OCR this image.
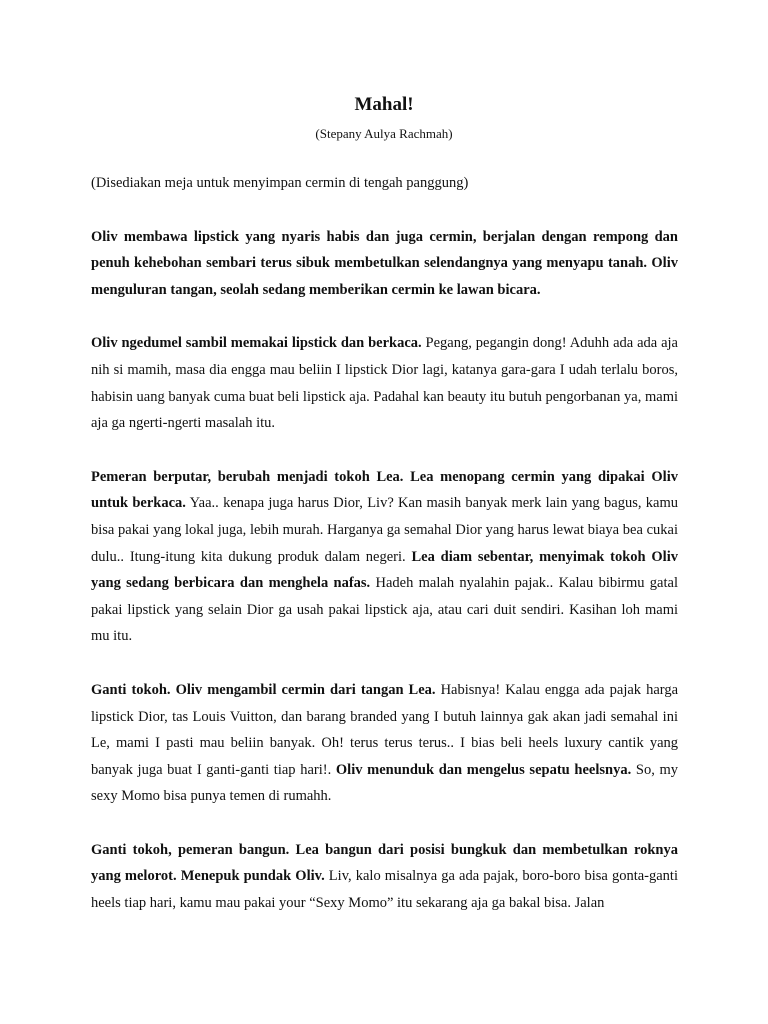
Mahal!
(Stepany Aulya Rachmah)

(Disediakan meja untuk menyimpan cermin di tengah panggung)

Oliv membawa lipstick yang nyaris habis dan juga cermin, berjalan dengan rempong dan penuh kehebohan sembari terus sibuk membetulkan selendangnya yang menyapu tanah. Oliv menguluran tangan, seolah sedang memberikan cermin ke lawan bicara.

Oliv ngedumel sambil memakai lipstick dan berkaca. Pegang, pegangin dong! Aduhh ada ada aja nih si mamih, masa dia engga mau beliin I lipstick Dior lagi, katanya gara-gara I udah terlalu boros, habisin uang banyak cuma buat beli lipstick aja. Padahal kan beauty itu butuh pengorbanan ya, mami aja ga ngerti-ngerti masalah itu.

Pemeran berputar, berubah menjadi tokoh Lea. Lea menopang cermin yang dipakai Oliv untuk berkaca. Yaa.. kenapa juga harus Dior, Liv? Kan masih banyak merk lain yang bagus, kamu bisa pakai yang lokal juga, lebih murah. Harganya ga semahal Dior yang harus lewat biaya bea cukai dulu.. Itung-itung kita dukung produk dalam negeri. Lea diam sebentar, menyimak tokoh Oliv yang sedang berbicara dan menghela nafas. Hadeh malah nyalahin pajak.. Kalau bibirmu gatal pakai lipstick yang selain Dior ga usah pakai lipstick aja, atau cari duit sendiri. Kasihan loh mami mu itu.

Ganti tokoh. Oliv mengambil cermin dari tangan Lea. Habisnya! Kalau engga ada pajak harga lipstick Dior, tas Louis Vuitton, dan barang branded yang I butuh lainnya gak akan jadi semahal ini Le, mami I pasti mau beliin banyak. Oh! terus terus terus.. I bias beli heels luxury cantik yang banyak juga buat I ganti-ganti tiap hari!. Oliv menunduk dan mengelus sepatu heelsnya. So, my sexy Momo bisa punya temen di rumahh.

Ganti tokoh, pemeran bangun. Lea bangun dari posisi bungkuk dan membetulkan roknya yang melorot. Menepuk pundak Oliv. Liv, kalo misalnya ga ada pajak, boro-boro bisa gonta-ganti heels tiap hari, kamu mau pakai your “Sexy Momo” itu sekarang aja ga bakal bisa. Jalan
